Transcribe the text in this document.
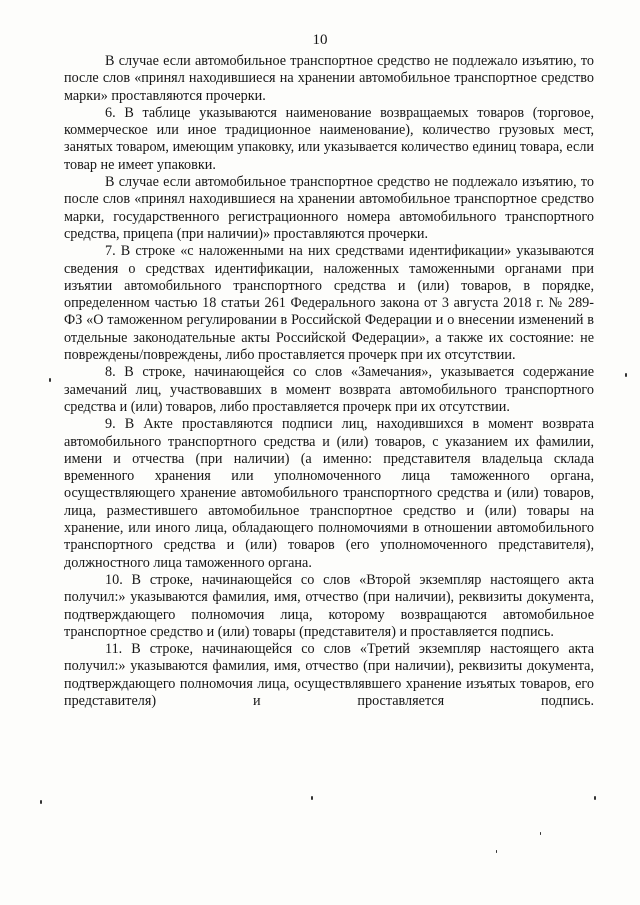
10

В случае если автомобильное транспортное средство не подлежало изъятию, то после слов «принял находившиеся на хранении автомобильное транспортное средство марки» проставляются прочерки.

6. В таблице указываются наименование возвращаемых товаров (торговое, коммерческое или иное традиционное наименование), количество грузовых мест, занятых товаром, имеющим упаковку, или указывается количество единиц товара, если товар не имеет упаковки.

В случае если автомобильное транспортное средство не подлежало изъятию, то после слов «принял находившиеся на хранении автомобильное транспортное средство марки, государственного регистрационного номера автомобильного транспортного средства, прицепа (при наличии)» проставляются прочерки.

7. В строке «с наложенными на них средствами идентификации» указываются сведения о средствах идентификации, наложенных таможенными органами при изъятии автомобильного транспортного средства и (или) товаров, в порядке, определенном частью 18 статьи 261 Федерального закона от 3 августа 2018 г. № 289-ФЗ «О таможенном регулировании в Российской Федерации и о внесении изменений в отдельные законодательные акты Российской Федерации», а также их состояние: не повреждены/повреждены, либо проставляется прочерк при их отсутствии.

8. В строке, начинающейся со слов «Замечания», указывается содержание замечаний лиц, участвовавших в момент возврата автомобильного транспортного средства и (или) товаров, либо проставляется прочерк при их отсутствии.

9. В Акте проставляются подписи лиц, находившихся в момент возврата автомобильного транспортного средства и (или) товаров, с указанием их фамилии, имени и отчества (при наличии) (а именно: представителя владельца склада временного хранения или уполномоченного лица таможенного органа, осуществляющего хранение автомобильного транспортного средства и (или) товаров, лица, разместившего автомобильное транспортное средство и (или) товары на хранение, или иного лица, обладающего полномочиями в отношении автомобильного транспортного средства и (или) товаров (его уполномоченного представителя), должностного лица таможенного органа.

10. В строке, начинающейся со слов «Второй экземпляр настоящего акта получил:» указываются фамилия, имя, отчество (при наличии), реквизиты документа, подтверждающего полномочия лица, которому возвращаются автомобильное транспортное средство и (или) товары (представителя) и проставляется подпись.

11. В строке, начинающейся со слов «Третий экземпляр настоящего акта получил:» указываются фамилия, имя, отчество (при наличии), реквизиты документа, подтверждающего полномочия лица, осуществлявшего хранение изъятых товаров, его представителя) и проставляется подпись.
